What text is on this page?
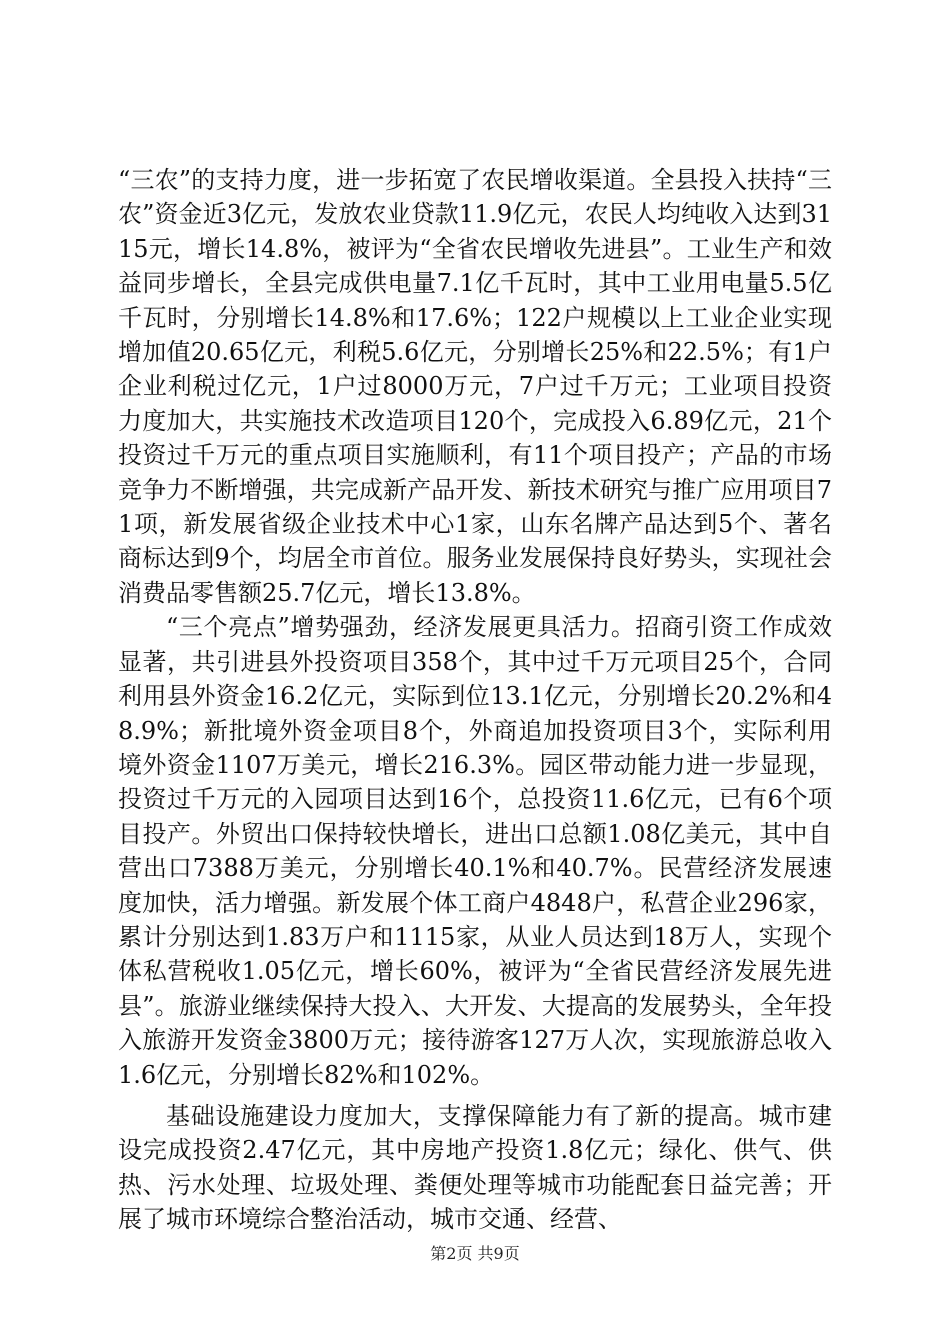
“三农”的支持力度，进一步拓宽了农民增收渠道。全县投入扶持“三农”资金近3亿元，发放农业贷款11.9亿元，农民人均纯收入达到3115元，增长14.8%，被评为“全省农民增收先进县”。工业生产和效益同步增长，全县完成供电量7.1亿千瓦时，其中工业用电量5.5亿千瓦时，分别增长14.8%和17.6%；122户规模以上工业企业实现增加值20.65亿元，利税5.6亿元，分别增长25%和22.5%；有1户企业利税过亿元，1户过8000万元，7户过千万元；工业项目投资力度加大，共实施技术改造项目120个，完成投入6.89亿元，21个投资过千万元的重点项目实施顺利，有11个项目投产；产品的市场竞争力不断增强，共完成新产品开发、新技术研究与推广应用项目71项，新发展省级企业技术中心1家，山东名牌产品达到5个、著名商标达到9个，均居全市首位。服务业发展保持良好势头，实现社会消费品零售额25.7亿元，增长13.8%。

“三个亮点”增势强劲，经济发展更具活力。招商引资工作成效显著，共引进县外投资项目358个，其中过千万元项目25个，合同利用县外资金16.2亿元，实际到位13.1亿元，分别增长20.2%和48.9%；新批境外资金项目8个，外商追加投资项目3个，实际利用境外资金1107万美元，增长216.3%。园区带动能力进一步显现，投资过千万元的入园项目达到16个，总投资11.6亿元，已有6个项目投产。外贸出口保持较快增长，进出口总额1.08亿美元，其中自营出口7388万美元，分别增长40.1%和40.7%。民营经济发展速度加快，活力增强。新发展个体工商户4848户，私营企业296家，累计分别达到1.83万户和1115家，从业人员达到18万人，实现个体私营税收1.05亿元，增长60%，被评为“全省民营经济发展先进县”。旅游业继续保持大投入、大开发、大提高的发展势头，全年投入旅游开发资金3800万元；接待游客127万人次，实现旅游总收入1.6亿元，分别增长82%和102%。

基础设施建设力度加大，支撑保障能力有了新的提高。城市建设完成投资2.47亿元，其中房地产投资1.8亿元；绿化、供气、供热、污水处理、垃圾处理、粪便处理等城市功能配套日益完善；开展了城市环境综合整治活动，城市交通、经营、

第2页 共9页
